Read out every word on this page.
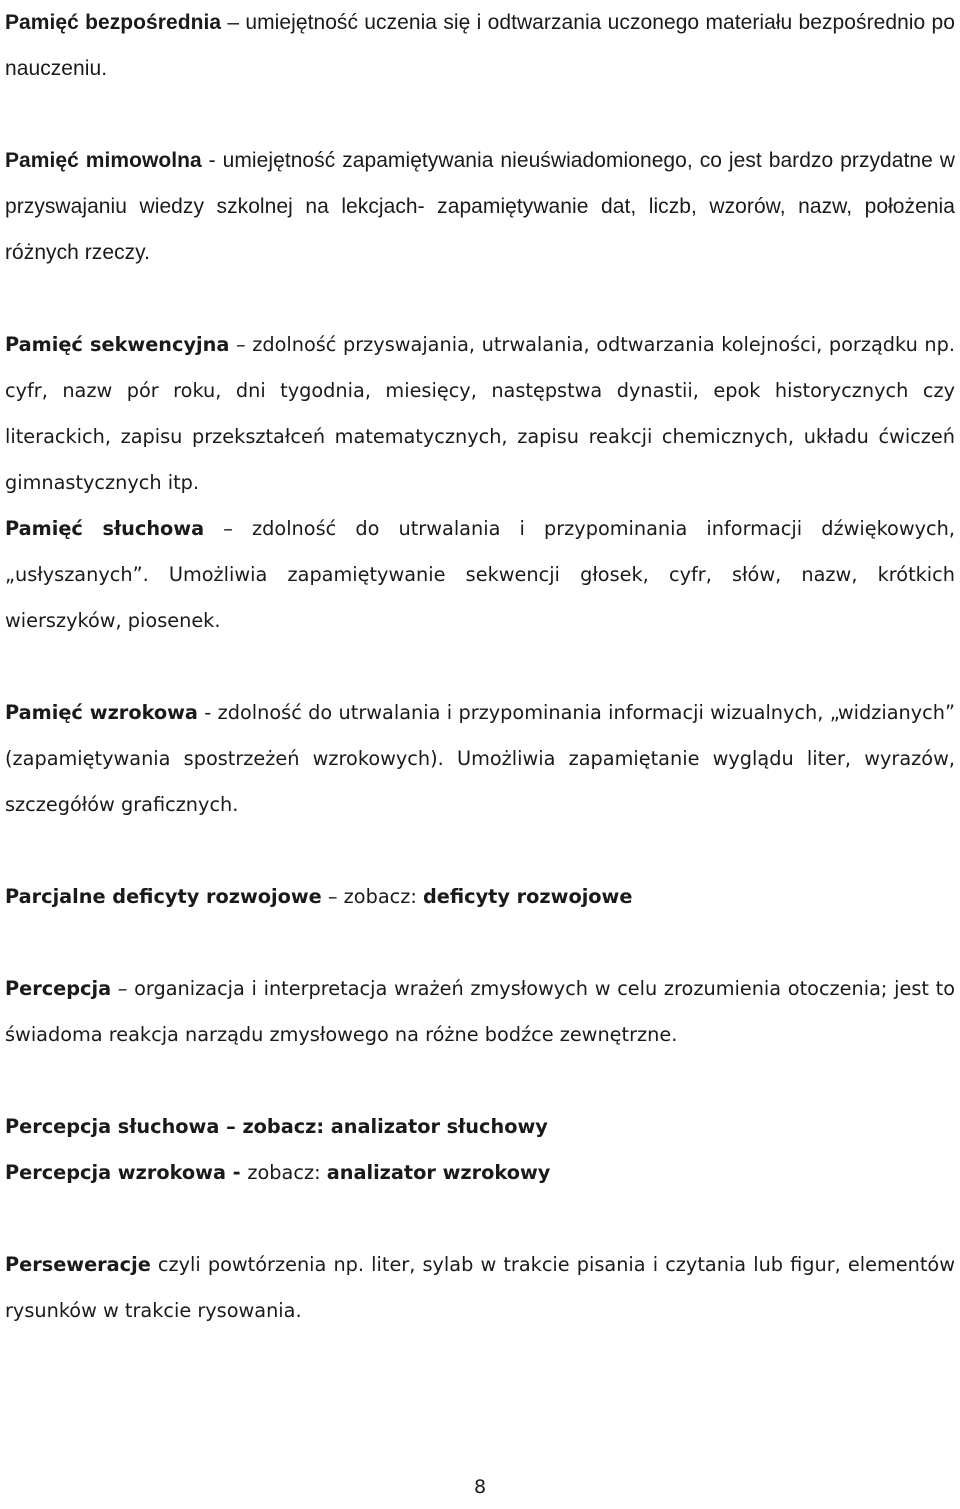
Pamięć bezpośrednia – umiejętność uczenia się i odtwarzania uczonego materiału bezpośrednio po nauczeniu.

Pamięć mimowolna - umiejętność zapamiętywania nieuświadomionego, co jest bardzo przydatne w przyswajaniu wiedzy szkolnej na lekcjach- zapamiętywanie dat, liczb, wzorów, nazw, położenia różnych rzeczy.

Pamięć sekwencyjna – zdolność przyswajania, utrwalania, odtwarzania kolejności, porządku np. cyfr, nazw pór roku, dni tygodnia, miesięcy, następstwa dynastii, epok historycznych czy literackich, zapisu przekształceń matematycznych, zapisu reakcji chemicznych, układu ćwiczeń gimnastycznych itp.

Pamięć słuchowa – zdolność do utrwalania i przypominania informacji dźwiękowych, „usłyszanych”. Umożliwia zapamiętywanie sekwencji głosek, cyfr, słów, nazw, krótkich wierszyków, piosenek.

Pamięć wzrokowa - zdolność do utrwalania i przypominania informacji wizualnych, „widzianych” (zapamiętywania spostrzeżeń wzrokowych). Umożliwia zapamiętanie wyglądu liter, wyrazów, szczegółów graficznych.

Parcjalne deficyty rozwojowe – zobacz: deficyty rozwojowe

Percepcja – organizacja i interpretacja wrażeń zmysłowych w celu zrozumienia otoczenia; jest to świadoma reakcja narządu zmysłowego na różne bodźce zewnętrzne.

Percepcja słuchowa – zobacz: analizator słuchowy

Percepcja wzrokowa - zobacz: analizator wzrokowy

Perseweracje czyli powtórzenia np. liter, sylab w trakcie pisania i czytania lub figur, elementów rysunków w trakcie rysowania.

8
